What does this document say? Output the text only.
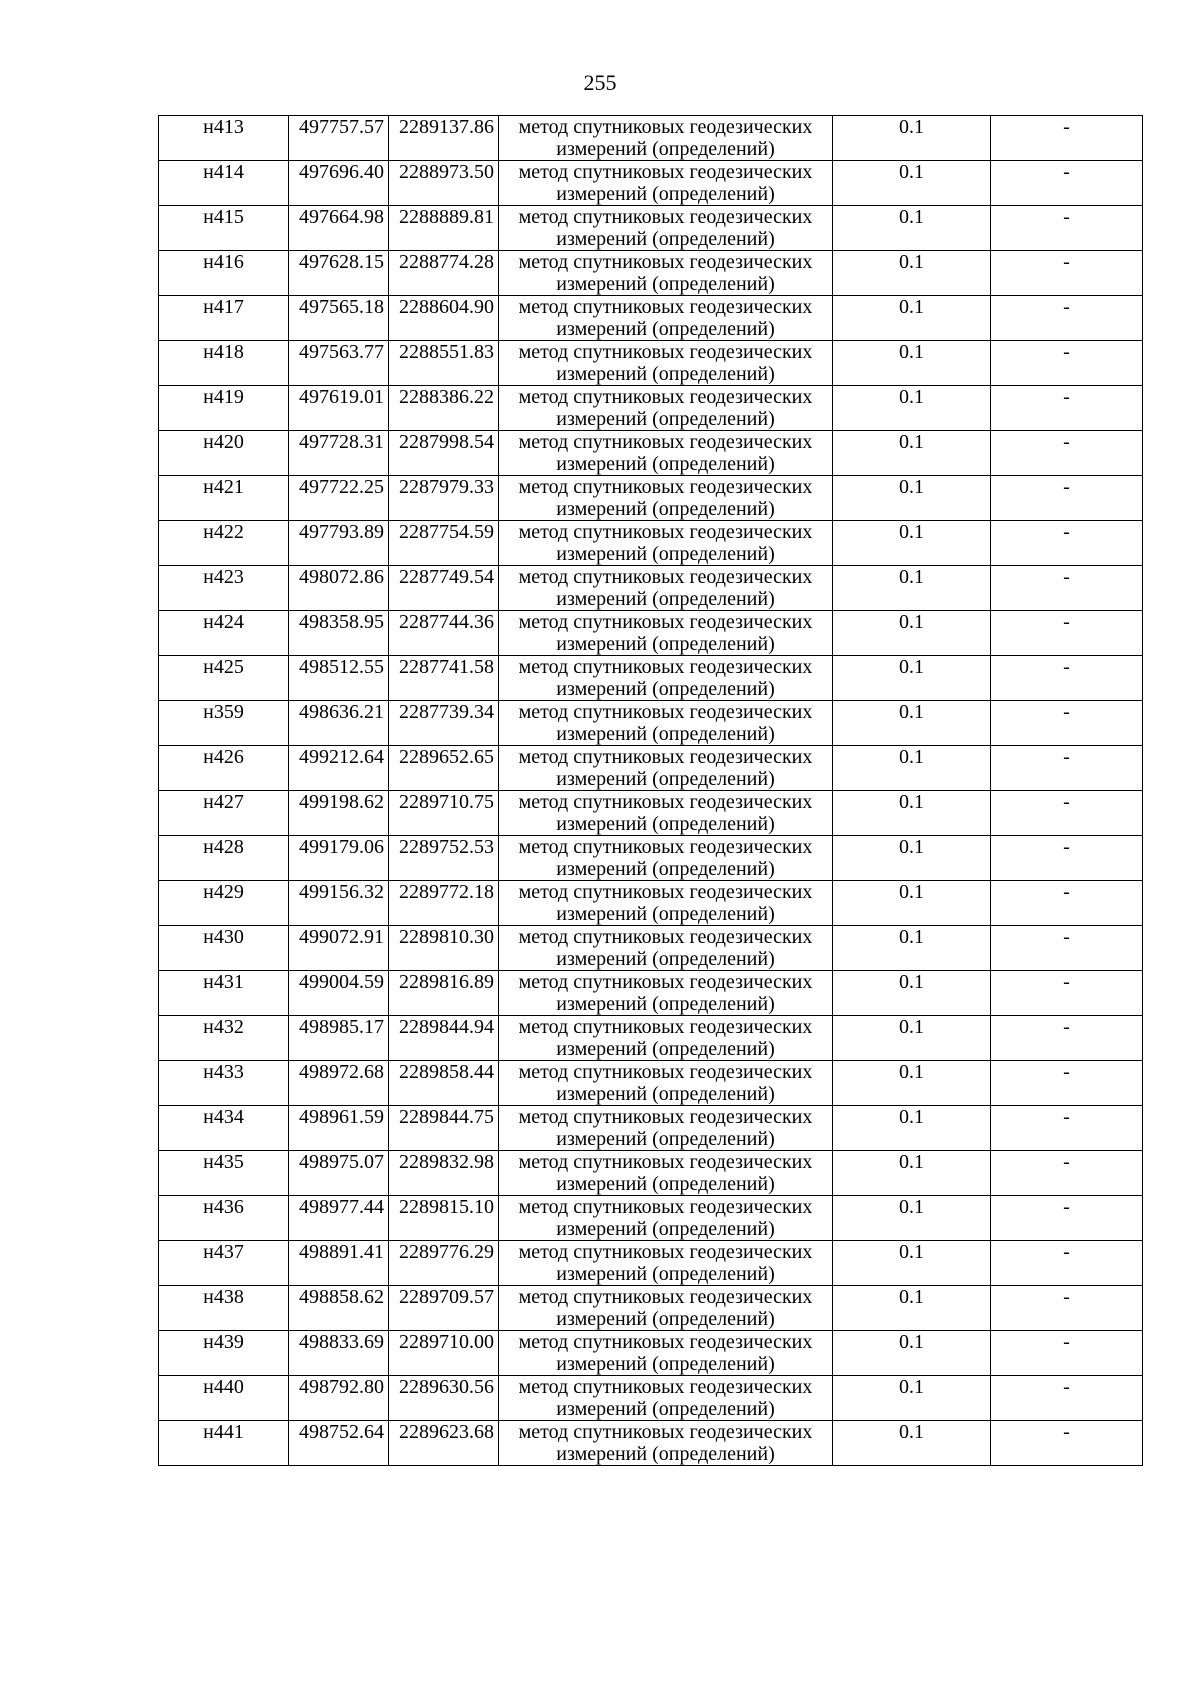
255
н413	497757.57	2289137.86	метод спутниковых геодезических измерений (определений)	0.1	-
н414	497696.40	2288973.50	метод спутниковых геодезических измерений (определений)	0.1	-
н415	497664.98	2288889.81	метод спутниковых геодезических измерений (определений)	0.1	-
н416	497628.15	2288774.28	метод спутниковых геодезических измерений (определений)	0.1	-
н417	497565.18	2288604.90	метод спутниковых геодезических измерений (определений)	0.1	-
н418	497563.77	2288551.83	метод спутниковых геодезических измерений (определений)	0.1	-
н419	497619.01	2288386.22	метод спутниковых геодезических измерений (определений)	0.1	-
н420	497728.31	2287998.54	метод спутниковых геодезических измерений (определений)	0.1	-
н421	497722.25	2287979.33	метод спутниковых геодезических измерений (определений)	0.1	-
н422	497793.89	2287754.59	метод спутниковых геодезических измерений (определений)	0.1	-
н423	498072.86	2287749.54	метод спутниковых геодезических измерений (определений)	0.1	-
н424	498358.95	2287744.36	метод спутниковых геодезических измерений (определений)	0.1	-
н425	498512.55	2287741.58	метод спутниковых геодезических измерений (определений)	0.1	-
н359	498636.21	2287739.34	метод спутниковых геодезических измерений (определений)	0.1	-
н426	499212.64	2289652.65	метод спутниковых геодезических измерений (определений)	0.1	-
н427	499198.62	2289710.75	метод спутниковых геодезических измерений (определений)	0.1	-
н428	499179.06	2289752.53	метод спутниковых геодезических измерений (определений)	0.1	-
н429	499156.32	2289772.18	метод спутниковых геодезических измерений (определений)	0.1	-
н430	499072.91	2289810.30	метод спутниковых геодезических измерений (определений)	0.1	-
н431	499004.59	2289816.89	метод спутниковых геодезических измерений (определений)	0.1	-
н432	498985.17	2289844.94	метод спутниковых геодезических измерений (определений)	0.1	-
н433	498972.68	2289858.44	метод спутниковых геодезических измерений (определений)	0.1	-
н434	498961.59	2289844.75	метод спутниковых геодезических измерений (определений)	0.1	-
н435	498975.07	2289832.98	метод спутниковых геодезических измерений (определений)	0.1	-
н436	498977.44	2289815.10	метод спутниковых геодезических измерений (определений)	0.1	-
н437	498891.41	2289776.29	метод спутниковых геодезических измерений (определений)	0.1	-
н438	498858.62	2289709.57	метод спутниковых геодезических измерений (определений)	0.1	-
н439	498833.69	2289710.00	метод спутниковых геодезических измерений (определений)	0.1	-
н440	498792.80	2289630.56	метод спутниковых геодезических измерений (определений)	0.1	-
н441	498752.64	2289623.68	метод спутниковых геодезических измерений (определений)	0.1	-
